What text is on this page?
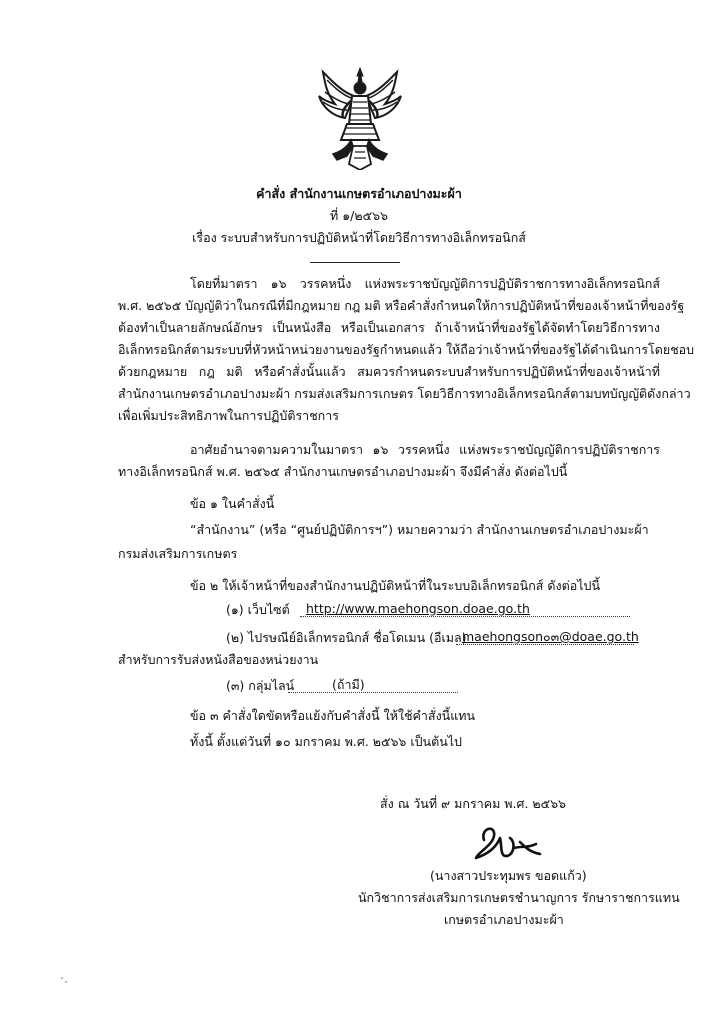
คำสั่ง สำนักงานเกษตรอำเภอปางมะผ้า
ที่ ๑/๒๕๖๖
เรื่อง ระบบสำหรับการปฏิบัติหน้าที่โดยวิธีการทางอิเล็กทรอนิกส์
โดยที่มาตรา ๑๖ วรรคหนึ่ง แห่งพระราชบัญญัติการปฏิบัติราชการทางอิเล็กทรอนิกส์
พ.ศ. ๒๕๖๕ บัญญัติว่าในกรณีที่มีกฎหมาย กฎ มติ หรือคำสั่งกำหนดให้การปฏิบัติหน้าที่ของเจ้าหน้าที่ของรัฐ
ต้องทำเป็นลายลักษณ์อักษร เป็นหนังสือ หรือเป็นเอกสาร ถ้าเจ้าหน้าที่ของรัฐได้จัดทำโดยวิธีการทาง
อิเล็กทรอนิกส์ตามระบบที่หัวหน้าหน่วยงานของรัฐกำหนดแล้ว ให้ถือว่าเจ้าหน้าที่ของรัฐได้ดำเนินการโดยชอบ
ด้วยกฎหมาย กฎ มติ หรือคำสั่งนั้นแล้ว สมควรกำหนดระบบสำหรับการปฏิบัติหน้าที่ของเจ้าหน้าที่
สำนักงานเกษตรอำเภอปางมะผ้า กรมส่งเสริมการเกษตร โดยวิธีการทางอิเล็กทรอนิกส์ตามบทบัญญัติดังกล่าว
เพื่อเพิ่มประสิทธิภาพในการปฏิบัติราชการ
อาศัยอำนาจตามความในมาตรา ๑๖ วรรคหนึ่ง แห่งพระราชบัญญัติการปฏิบัติราชการ
ทางอิเล็กทรอนิกส์ พ.ศ. ๒๕๖๕ สำนักงานเกษตรอำเภอปางมะผ้า จึงมีคำสั่ง ดังต่อไปนี้
ข้อ ๑ ในคำสั่งนี้
“สำนักงาน” (หรือ “ศูนย์ปฏิบัติการฯ”) หมายความว่า สำนักงานเกษตรอำเภอปางมะผ้า
กรมส่งเสริมการเกษตร
ข้อ ๒ ให้เจ้าหน้าที่ของสำนักงานปฏิบัติหน้าที่ในระบบอิเล็กทรอนิกส์ ดังต่อไปนี้
(๑) เว็บไซต์ http://www.maehongson.doae.go.th
(๒) ไปรษณีย์อิเล็กทรอนิกส์ ชื่อโดเมน (อีเมล)
maehongson๐๓@doae.go.th
สำหรับการรับส่งหนังสือของหน่วยงาน
(๓) กลุ่มไลน์	(ถ้ามี)
ข้อ ๓ คำสั่งใดขัดหรือแย้งกับคำสั่งนี้ ให้ใช้คำสั่งนี้แทน
ทั้งนี้ ตั้งแต่วันที่ ๑๐ มกราคม พ.ศ. ๒๕๖๖ เป็นต้นไป
สั่ง ณ วันที่ ๙ มกราคม พ.ศ. ๒๕๖๖
(นางสาวประทุมพร ขอดแก้ว)
นักวิชาการส่งเสริมการเกษตรชำนาญการ รักษาราชการแทน
เกษตรอำเภอปางมะผ้า
